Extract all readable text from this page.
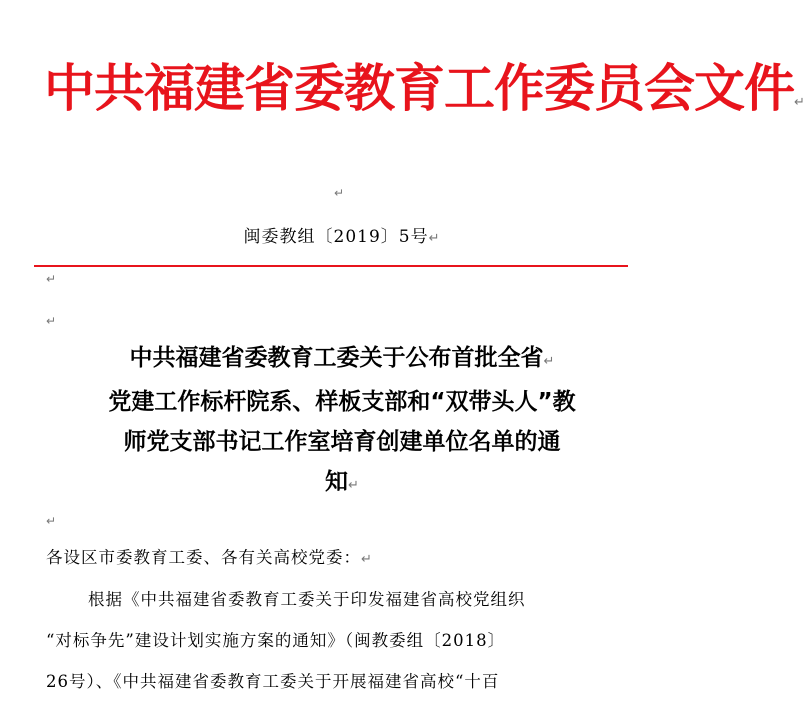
中共福建省委教育工作委员会文件↵
↵
闽委教组〔2019〕5号↵
↵
↵
中共福建省委教育工委关于公布首批全省↵
党建工作标杆院系、样板支部和“双带头人”教
师党支部书记工作室培育创建单位名单的通
知↵
↵
各设区市委教育工委、各有关高校党委：↵
根据《中共福建省委教育工委关于印发福建省高校党组织
“对标争先”建设计划实施方案的通知》（闽教委组〔2018〕
26号）、《中共福建省委教育工委关于开展福建省高校“十百
